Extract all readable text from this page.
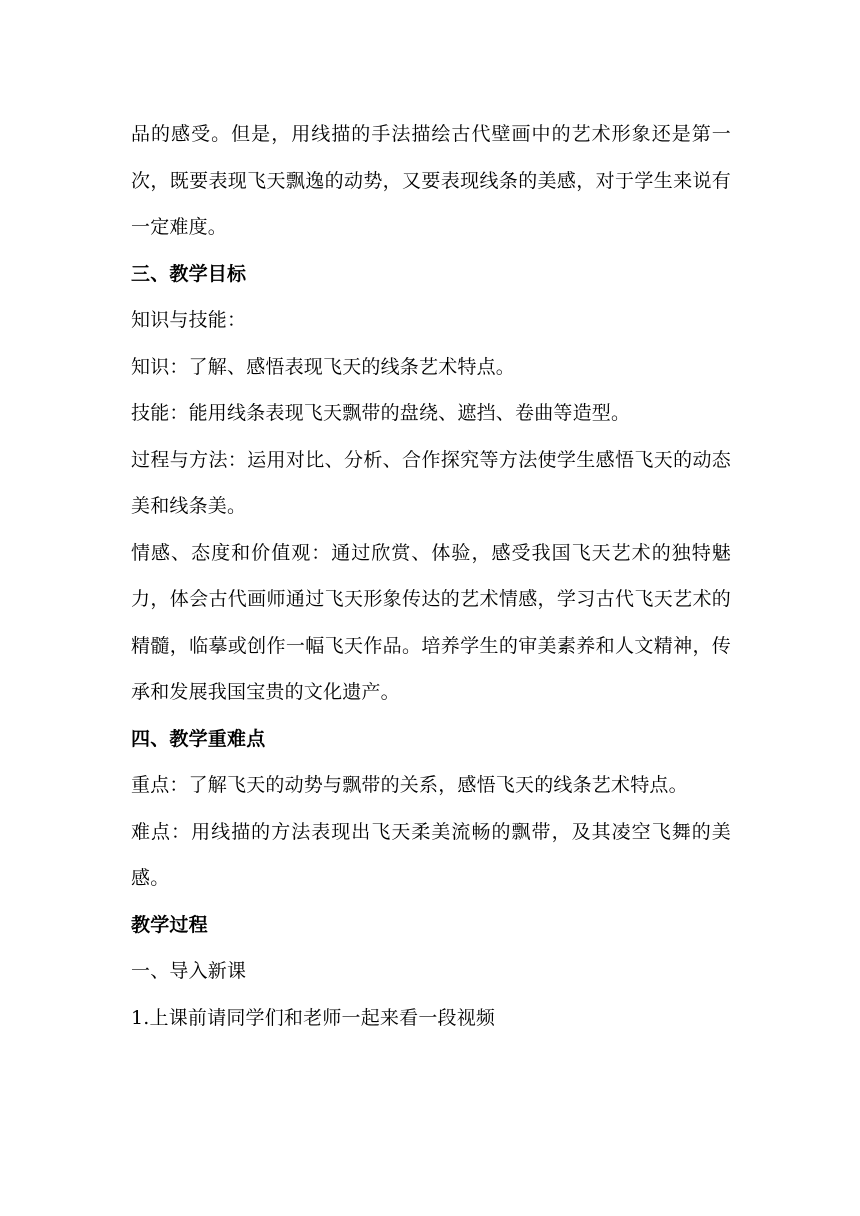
品的感受。但是，用线描的手法描绘古代壁画中的艺术形象还是第一次，既要表现飞天飘逸的动势，又要表现线条的美感，对于学生来说有一定难度。

三、教学目标

知识与技能：

知识：了解、感悟表现飞天的线条艺术特点。

技能：能用线条表现飞天飘带的盘绕、遮挡、卷曲等造型。

过程与方法：运用对比、分析、合作探究等方法使学生感悟飞天的动态美和线条美。

情感、态度和价值观：通过欣赏、体验，感受我国飞天艺术的独特魅力，体会古代画师通过飞天形象传达的艺术情感，学习古代飞天艺术的精髓，临摹或创作一幅飞天作品。培养学生的审美素养和人文精神，传承和发展我国宝贵的文化遗产。

四、教学重难点

重点：了解飞天的动势与飘带的关系，感悟飞天的线条艺术特点。

难点：用线描的方法表现出飞天柔美流畅的飘带，及其凌空飞舞的美感。

教学过程

一、导入新课

1.上课前请同学们和老师一起来看一段视频
